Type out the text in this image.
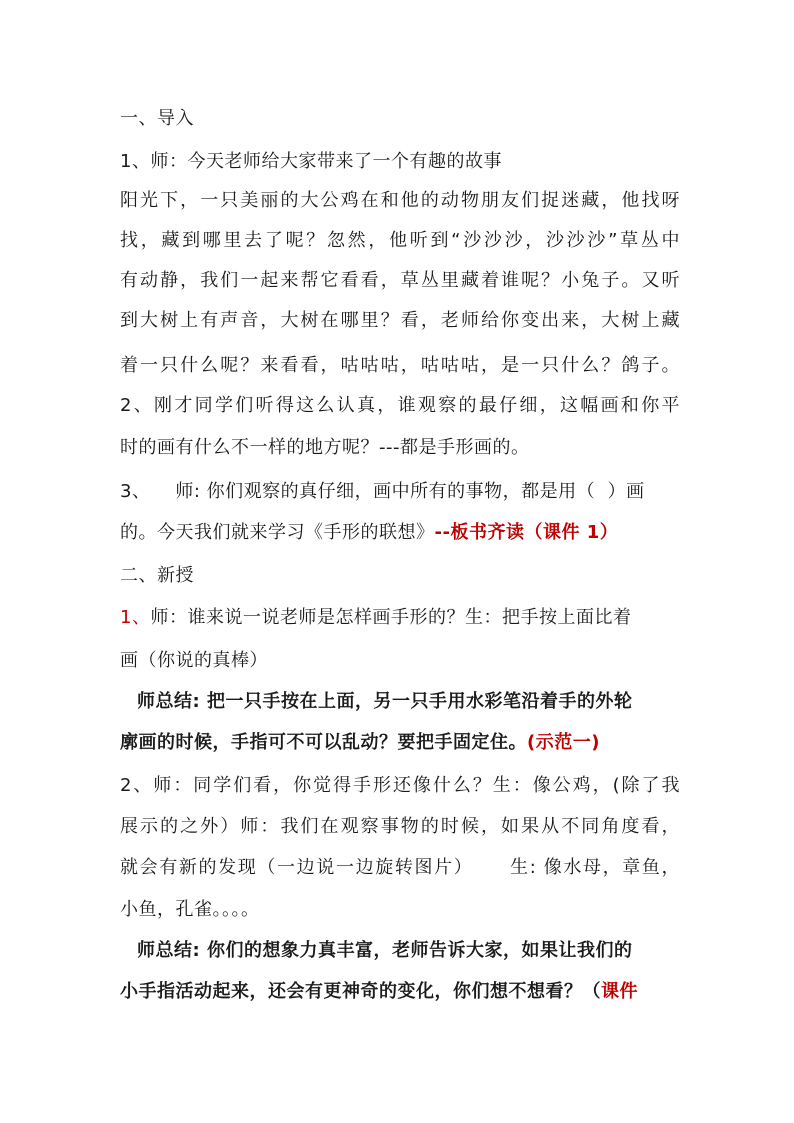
一、导入
1、师：今天老师给大家带来了一个有趣的故事
阳光下，一只美丽的大公鸡在和他的动物朋友们捉迷藏，他找呀
找，藏到哪里去了呢？忽然，他听到“沙沙沙，沙沙沙”草丛中
有动静，我们一起来帮它看看，草丛里藏着谁呢？小兔子。又听
到大树上有声音，大树在哪里？看，老师给你变出来，大树上藏
着一只什么呢？来看看，咕咕咕，咕咕咕，是一只什么？鸽子。
2、刚才同学们听得这么认真，谁观察的最仔细，这幅画和你平
时的画有什么不一样的地方呢？---都是手形画的。
3、    师: 你们观察的真仔细，画中所有的事物，都是用（  ）画
的。今天我们就来学习《手形的联想》--板书齐读（课件 1）
二、新授
1、师：谁来说一说老师是怎样画手形的？生：把手按上面比着
画（你说的真棒）
师总结: 把一只手按在上面，另一只手用水彩笔沿着手的外轮
廓画的时候，手指可不可以乱动？要把手固定住。(示范一)
2、师：同学们看，你觉得手形还像什么？生：像公鸡，(除了我
展示的之外）师：我们在观察事物的时候，如果从不同角度看，
就会有新的发现（一边说一边旋转图片）     生: 像水母，章鱼，
小鱼，孔雀。。。。
师总结: 你们的想象力真丰富，老师告诉大家，如果让我们的
小手指活动起来，还会有更神奇的变化，你们想不想看？（课件
